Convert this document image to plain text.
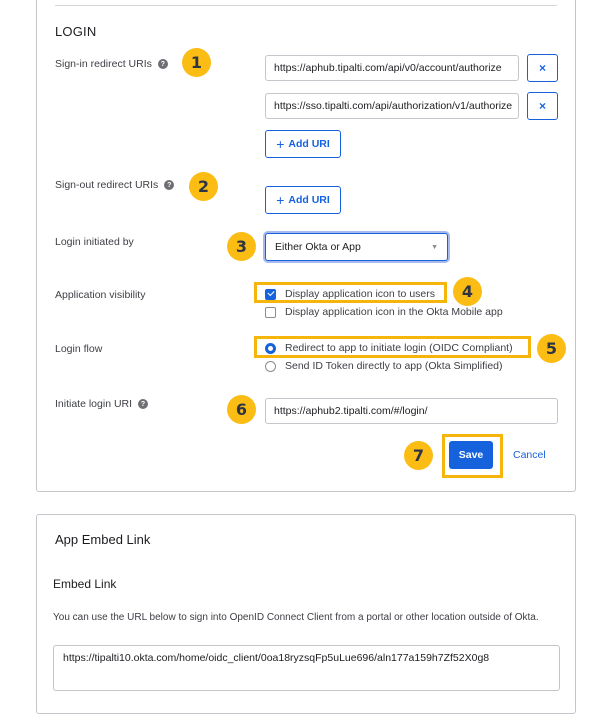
LOGIN
Sign-in redirect URIs	?	1	https://aphub.tipalti.com/api/v0/account/authorize	×
https://sso.tipalti.com/api/authorization/v1/authorize	×
+ Add URI
Sign-out redirect URIs	?	2
+ Add URI
Login initiated by	3	Either Okta or App	▼
Application visibility	Display application icon to users	4
Display application icon in the Okta Mobile app
Login flow	Redirect to app to initiate login (OIDC Compliant)	5
Send ID Token directly to app (Okta Simplified)
Initiate login URI	?	6	https://aphub2.tipalti.com/#/login/
7	Save	Cancel
App Embed Link
Embed Link
You can use the URL below to sign into OpenID Connect Client from a portal or other location outside of Okta.
https://tipalti10.okta.com/home/oidc_client/0oa18ryzsqFp5uLue696/aln177a159h7Zf52X0g8
